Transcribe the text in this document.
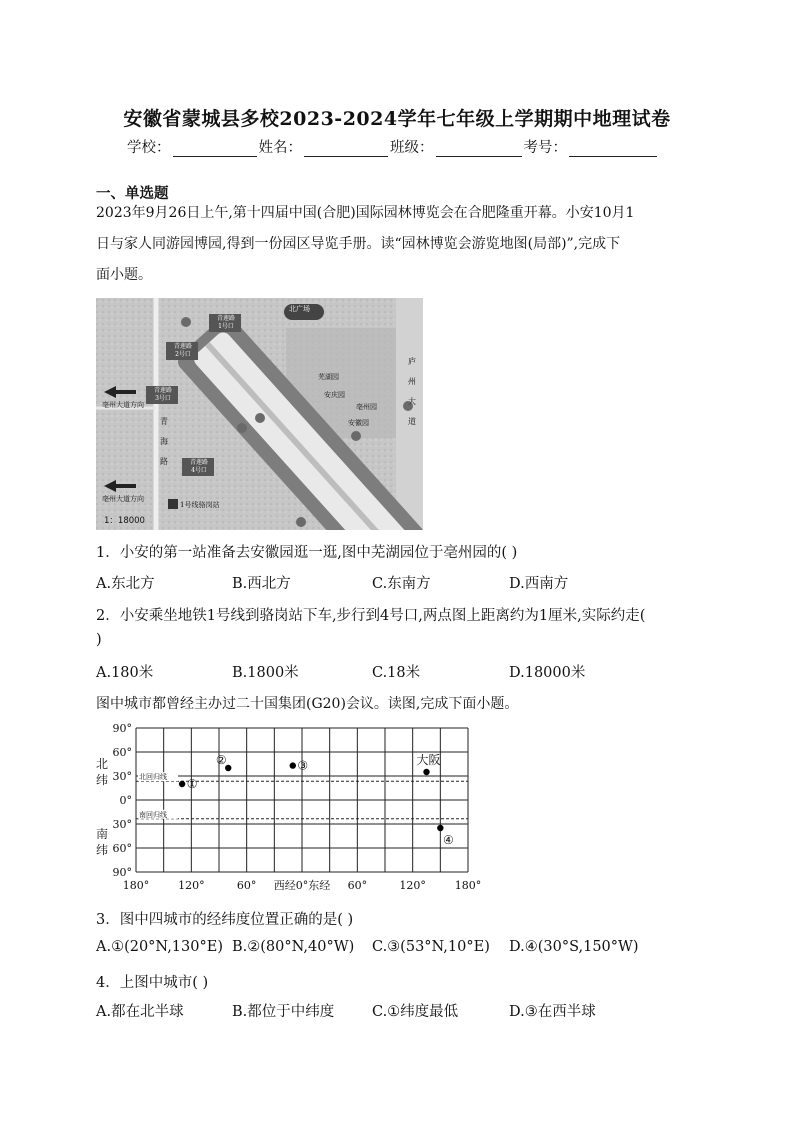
安徽省蒙城县多校2023-2024学年七年级上学期期中地理试卷
学校：	姓名：	班级：	考号：
一、单选题
2023年9月26日上午,第十四届中国(合肥)国际园林博览会在合肥隆重开幕。小安10月1
日与家人同游园博园,得到一份园区导览手册。读“园林博览会游览地图(局部)”,完成下
面小题。
北广场
青莲路
1号口
青莲路
2号口
青莲路
3号口
青莲路
4号口
亳州大道方向
亳州大道方向
1号线骆岗站
青
海
路
芜湖园
安庆园
亳州园
安徽园
庐
州
大
道
1：18000
1．小安的第一站准备去安徽园逛一逛,图中芜湖园位于亳州园的( )
A.东北方	B.西北方	C.东南方	D.西南方
2．小安乘坐地铁1号线到骆岗站下车,步行到4号口,两点图上距离约为1厘米,实际约走(
)
A.180米	B.1800米	C.18米	D.18000米
图中城市都曾经主办过二十国集团(G20)会议。读图,完成下面小题。
北回归线
南回归线
90°
60°
30°
0°
30°
60°
90°
北
纬
南
纬
180°	120°	60° 西经0°东经 60°	120°	180°
①
②	③	大阪
④
3．图中四城市的经纬度位置正确的是( )
A.①(20°N,130°E) B.②(80°N,40°W) C.③(53°N,10°E) D.④(30°S,150°W)
4．上图中城市( )
A.都在北半球	B.都位于中纬度	C.①纬度最低	D.③在西半球
